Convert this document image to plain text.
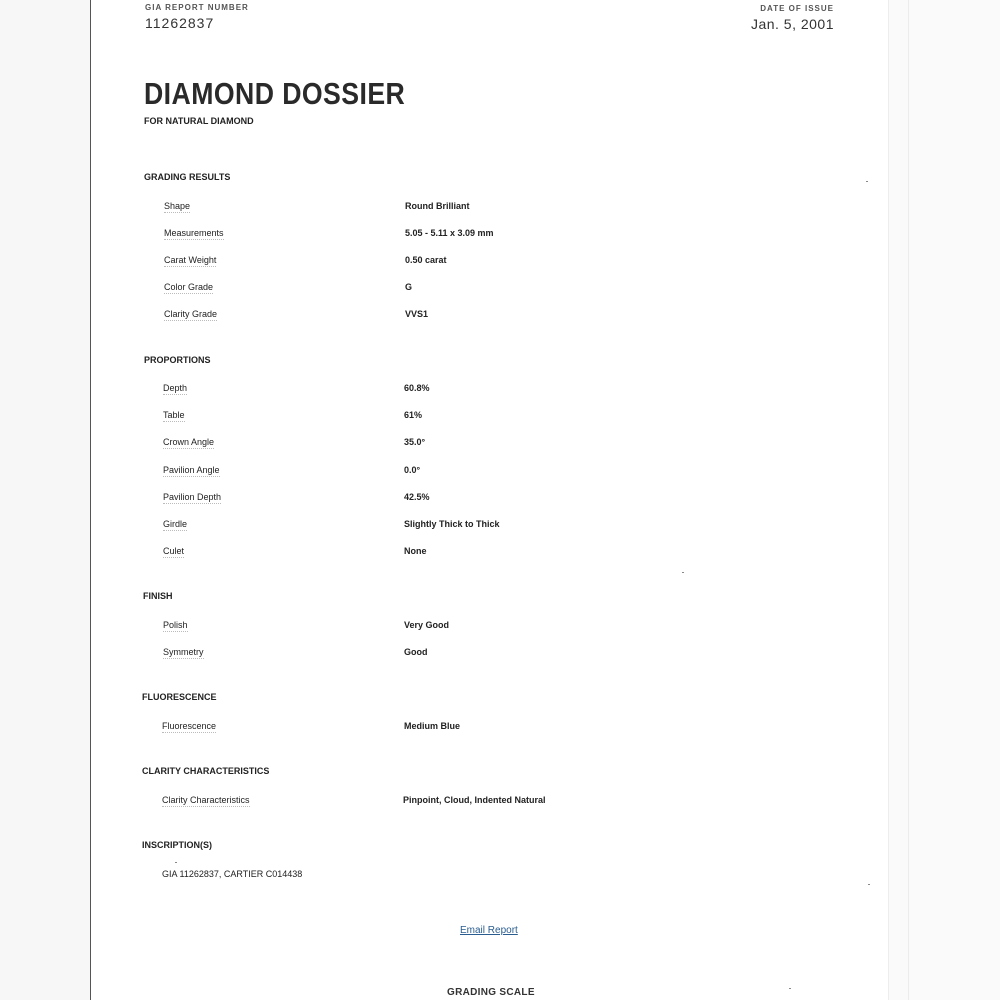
GIA REPORT NUMBER
11262837
DATE OF ISSUE
Jan. 5, 2001
DIAMOND DOSSIER
FOR NATURAL DIAMOND
GRADING RESULTS
Shape	Round Brilliant
Measurements	5.05 - 5.11 x 3.09 mm
Carat Weight	0.50 carat
Color Grade	G
Clarity Grade	VVS1
PROPORTIONS
Depth	60.8%
Table	61%
Crown Angle	35.0°
Pavilion Angle	0.0°
Pavilion Depth	42.5%
Girdle	Slightly Thick to Thick
Culet	None
FINISH
Polish	Very Good
Symmetry	Good
FLUORESCENCE
Fluorescence	Medium Blue
CLARITY CHARACTERISTICS
Clarity Characteristics	Pinpoint, Cloud, Indented Natural
INSCRIPTION(S)
GIA 11262837, CARTIER C014438
Email Report
GRADING SCALE
